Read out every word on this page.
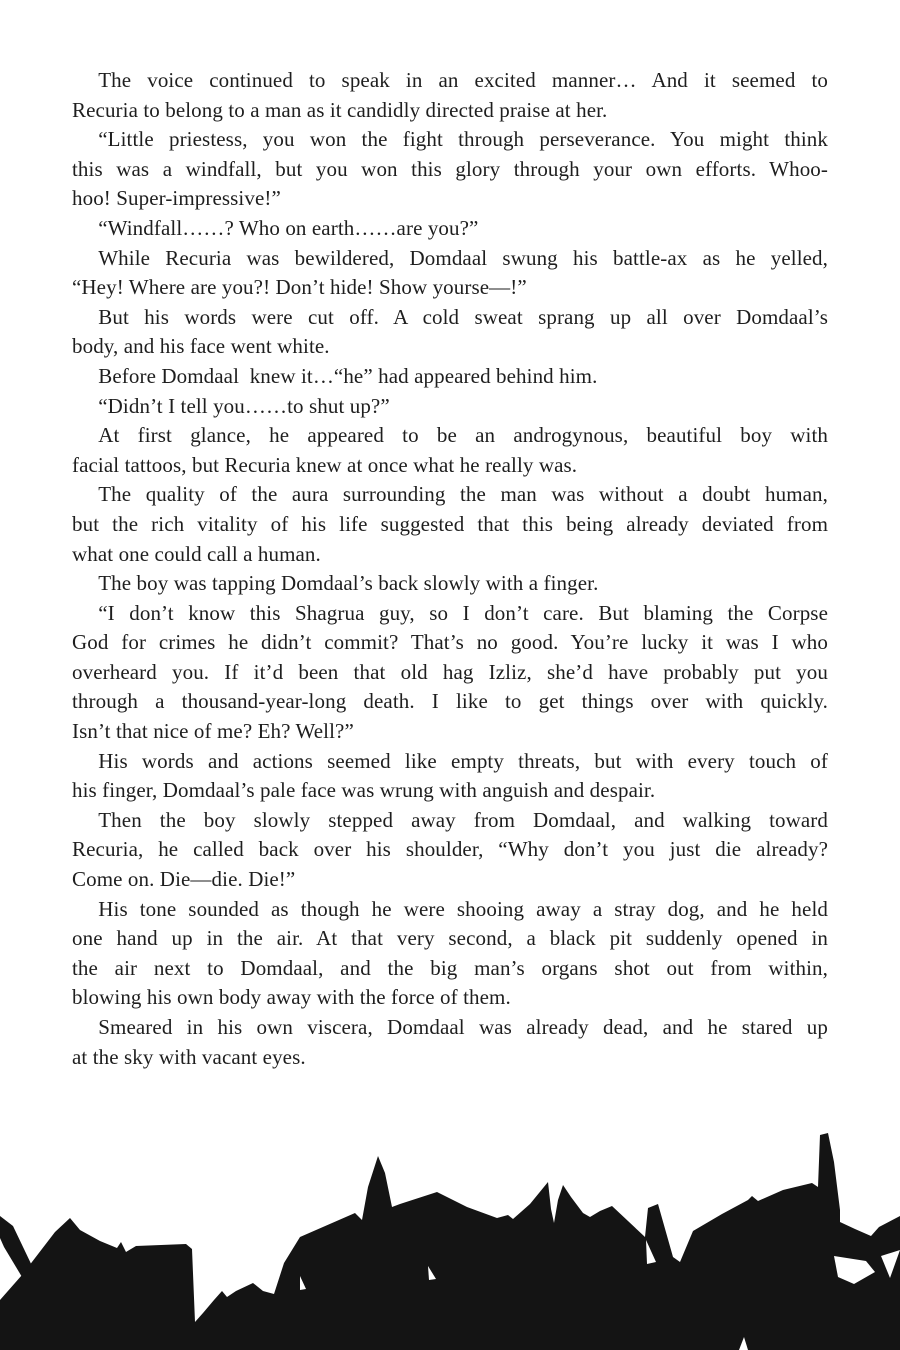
The voice continued to speak in an excited manner… And it seemed to
Recuria to belong to a man as it candidly directed praise at her.
“Little priestess, you won the fight through perseverance. You might think
this was a windfall, but you won this glory through your own efforts. Whoo-
hoo! Super-impressive!”
“Windfall……? Who on earth……are you?”
While Recuria was bewildered, Domdaal swung his battle-ax as he yelled,
“Hey! Where are you?! Don’t hide! Show yourse—!”
But his words were cut off. A cold sweat sprang up all over Domdaal’s
body, and his face went white.
Before Domdaal  knew it…“he” had appeared behind him.
“Didn’t I tell you……to shut up?”
At first glance, he appeared to be an androgynous, beautiful boy with
facial tattoos, but Recuria knew at once what he really was.
The quality of the aura surrounding the man was without a doubt human,
but the rich vitality of his life suggested that this being already deviated from
what one could call a human.
The boy was tapping Domdaal’s back slowly with a finger.
“I don’t know this Shagrua guy, so I don’t care. But blaming the Corpse
God for crimes he didn’t commit? That’s no good. You’re lucky it was I who
overheard you. If it’d been that old hag Izliz, she’d have probably put you
through a thousand-year-long death. I like to get things over with quickly.
Isn’t that nice of me? Eh? Well?”
His words and actions seemed like empty threats, but with every touch of
his finger, Domdaal’s pale face was wrung with anguish and despair.
Then the boy slowly stepped away from Domdaal, and walking toward
Recuria, he called back over his shoulder, “Why don’t you just die already?
Come on. Die—die. Die!”
His tone sounded as though he were shooing away a stray dog, and he held
one hand up in the air. At that very second, a black pit suddenly opened in
the air next to Domdaal, and the big man’s organs shot out from within,
blowing his own body away with the force of them.
Smeared in his own viscera, Domdaal was already dead, and he stared up
at the sky with vacant eyes.
